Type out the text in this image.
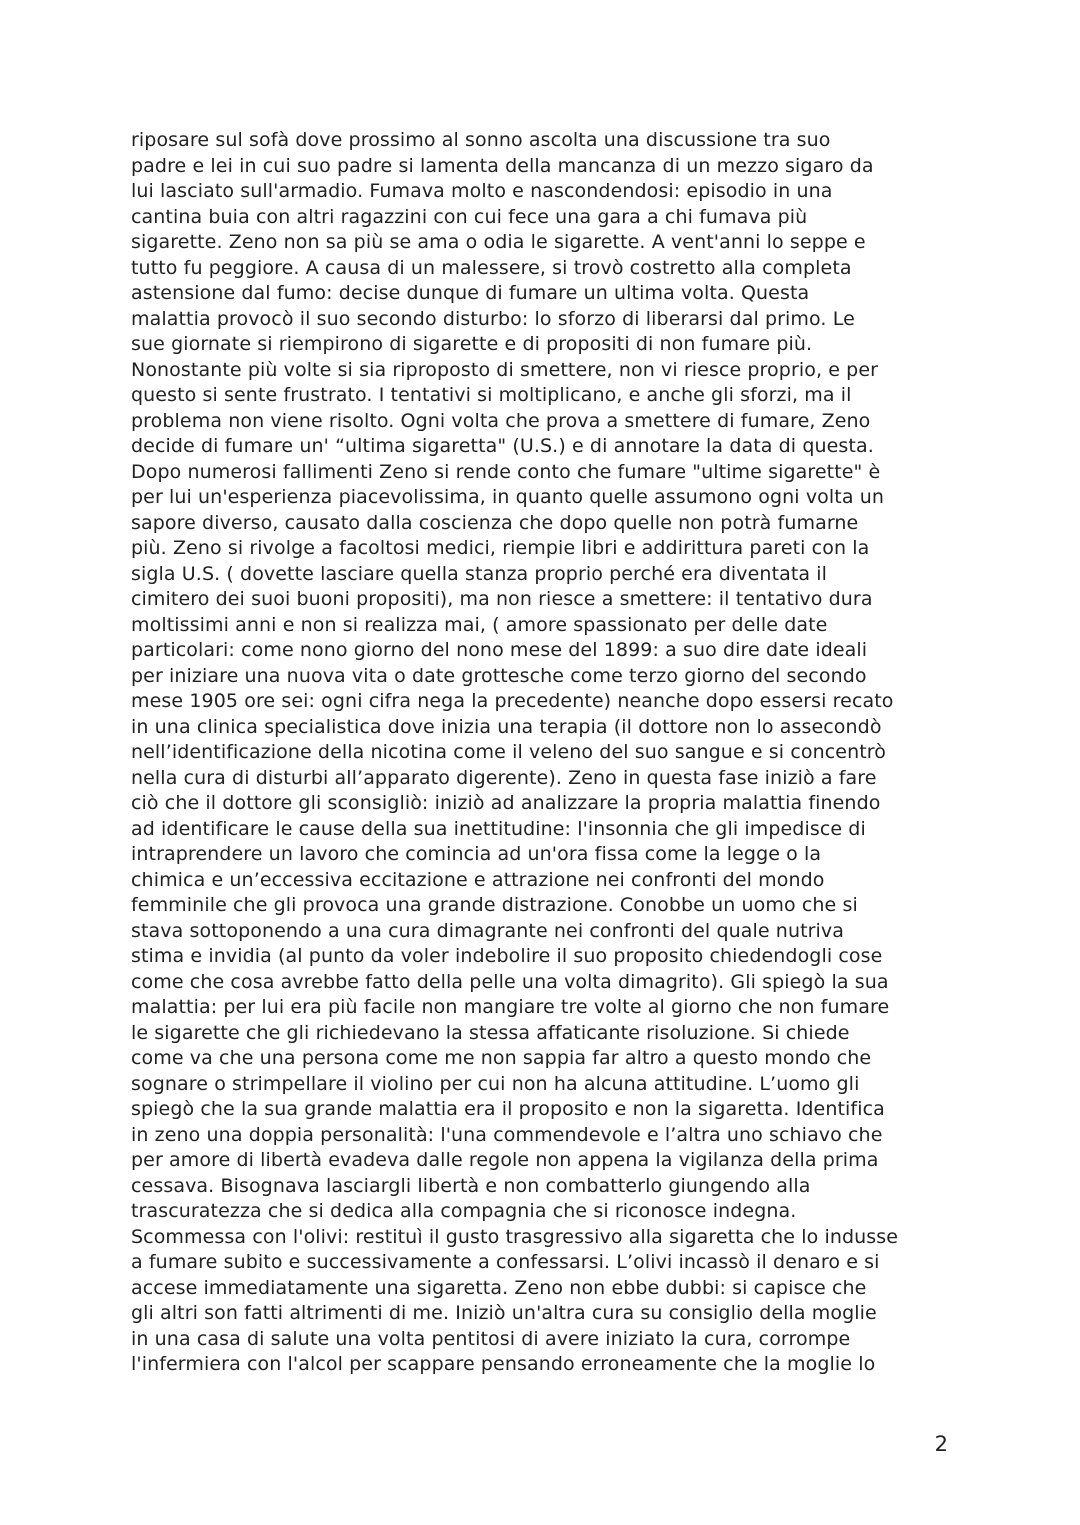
riposare sul sofà dove prossimo al sonno ascolta una discussione tra suo
padre e lei in cui suo padre si lamenta della mancanza di un mezzo sigaro da
lui lasciato sull'armadio. Fumava molto e nascondendosi: episodio in una
cantina buia con altri ragazzini con cui fece una gara a chi fumava più
sigarette. Zeno non sa più se ama o odia le sigarette. A vent'anni lo seppe e
tutto fu peggiore. A causa di un malessere, si trovò costretto alla completa
astensione dal fumo: decise dunque di fumare un ultima volta. Questa
malattia provocò il suo secondo disturbo: lo sforzo di liberarsi dal primo. Le
sue giornate si riempirono di sigarette e di propositi di non fumare più.
Nonostante più volte si sia riproposto di smettere, non vi riesce proprio, e per
questo si sente frustrato. I tentativi si moltiplicano, e anche gli sforzi, ma il
problema non viene risolto. Ogni volta che prova a smettere di fumare, Zeno
decide di fumare un' “ultima sigaretta" (U.S.) e di annotare la data di questa.
Dopo numerosi fallimenti Zeno si rende conto che fumare "ultime sigarette" è
per lui un'esperienza piacevolissima, in quanto quelle assumono ogni volta un
sapore diverso, causato dalla coscienza che dopo quelle non potrà fumarne
più. Zeno si rivolge a facoltosi medici, riempie libri e addirittura pareti con la
sigla U.S. ( dovette lasciare quella stanza proprio perché era diventata il
cimitero dei suoi buoni propositi), ma non riesce a smettere: il tentativo dura
moltissimi anni e non si realizza mai, ( amore spassionato per delle date
particolari: come nono giorno del nono mese del 1899: a suo dire date ideali
per iniziare una nuova vita o date grottesche come terzo giorno del secondo
mese 1905 ore sei: ogni cifra nega la precedente) neanche dopo essersi recato
in una clinica specialistica dove inizia una terapia (il dottore non lo assecondò
nell’identificazione della nicotina come il veleno del suo sangue e si concentrò
nella cura di disturbi all’apparato digerente). Zeno in questa fase iniziò a fare
ciò che il dottore gli sconsigliò: iniziò ad analizzare la propria malattia finendo
ad identificare le cause della sua inettitudine: l'insonnia che gli impedisce di
intraprendere un lavoro che comincia ad un'ora fissa come la legge o la
chimica e un’eccessiva eccitazione e attrazione nei confronti del mondo
femminile che gli provoca una grande distrazione. Conobbe un uomo che si
stava sottoponendo a una cura dimagrante nei confronti del quale nutriva
stima e invidia (al punto da voler indebolire il suo proposito chiedendogli cose
come che cosa avrebbe fatto della pelle una volta dimagrito). Gli spiegò la sua
malattia: per lui era più facile non mangiare tre volte al giorno che non fumare
le sigarette che gli richiedevano la stessa affaticante risoluzione. Si chiede
come va che una persona come me non sappia far altro a questo mondo che
sognare o strimpellare il violino per cui non ha alcuna attitudine. L’uomo gli
spiegò che la sua grande malattia era il proposito e non la sigaretta. Identifica
in zeno una doppia personalità: l'una commendevole e l’altra uno schiavo che
per amore di libertà evadeva dalle regole non appena la vigilanza della prima
cessava. Bisognava lasciargli libertà e non combatterlo giungendo alla
trascuratezza che si dedica alla compagnia che si riconosce indegna.
Scommessa con l'olivi: restituì il gusto trasgressivo alla sigaretta che lo indusse
a fumare subito e successivamente a confessarsi. L’olivi incassò il denaro e si
accese immediatamente una sigaretta. Zeno non ebbe dubbi: si capisce che
gli altri son fatti altrimenti di me. Iniziò un'altra cura su consiglio della moglie
in una casa di salute una volta pentitosi di avere iniziato la cura, corrompe
l'infermiera con l'alcol per scappare pensando erroneamente che la moglie lo
2
